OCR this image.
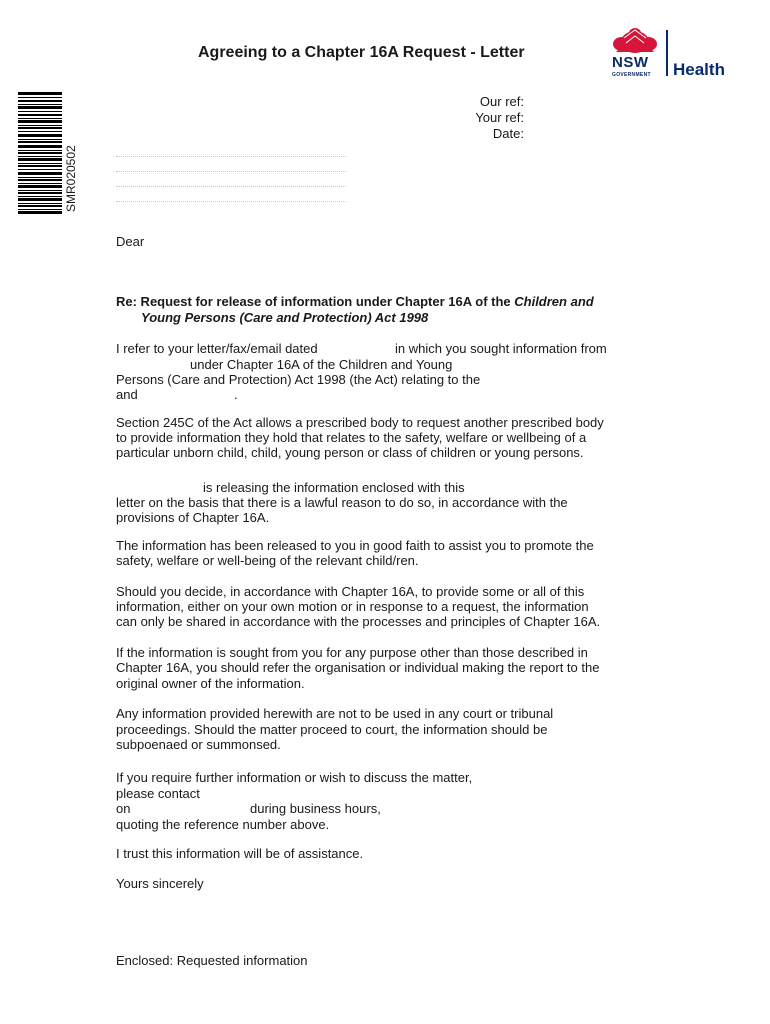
Agreeing to a Chapter 16A Request - Letter
NSW
GOVERNMENT Health
SMR020502
Our ref:
Your ref:
Date:
Dear
Re: Request for release of information under Chapter 16A of the Children and
Young Persons (Care and Protection) Act 1998
I refer to your letter/fax/email dated	in which you sought information from
under Chapter 16A of the Children and Young
Persons (Care and Protection) Act 1998 (the Act) relating to the
and	.
Section 245C of the Act allows a prescribed body to request another prescribed body
to provide information they hold that relates to the safety, welfare or wellbeing of a
particular unborn child, child, young person or class of children or young persons.
is releasing the information enclosed with this
letter on the basis that there is a lawful reason to do so, in accordance with the
provisions of Chapter 16A.
The information has been released to you in good faith to assist you to promote the
safety, welfare or well-being of the relevant child/ren.
Should you decide, in accordance with Chapter 16A, to provide some or all of this
information, either on your own motion or in response to a request, the information
can only be shared in accordance with the processes and principles of Chapter 16A.
If the information is sought from you for any purpose other than those described in
Chapter 16A, you should refer the organisation or individual making the report to the
original owner of the information.
Any information provided herewith are not to be used in any court or tribunal
proceedings. Should the matter proceed to court, the information should be
subpoenaed or summonsed.
If you require further information or wish to discuss the matter,
please contact
on	during business hours,
quoting the reference number above.
I trust this information will be of assistance.
Yours sincerely
Enclosed: Requested information
